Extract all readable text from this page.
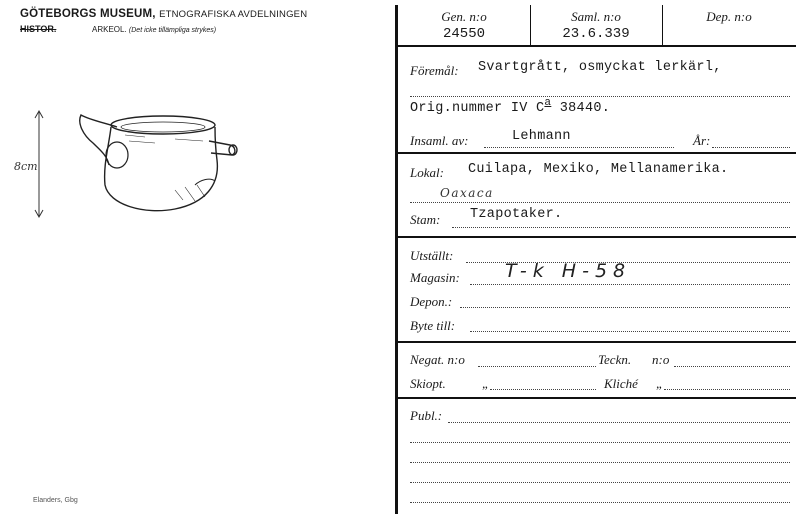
GÖTEBORGS MUSEUM, ETNOGRAFISKA AVDELNINGEN
HISTOR.	ARKEOL. (Det icke tillämpliga strykes)
8cm
Elanders, Gbg
Gen. n:o
24550
Saml. n:o
23.6.339
Dep. n:o
Föremål: Svartgrått, osmyckat lerkärl,
Orig.nummer IV $C^a$ 38440.
Insaml. av:	Lehmann	År:
Lokal: Cuilapa, Mexiko, Mellanamerika.
Oaxaca
Stam: Tzapotaker.
Utställt:
Magasin: T-k H-58
Depon.:
Byte till:
Negat. n:o	Teckn. n:o
Skiopt.	„	Kliché „
Publ.:
